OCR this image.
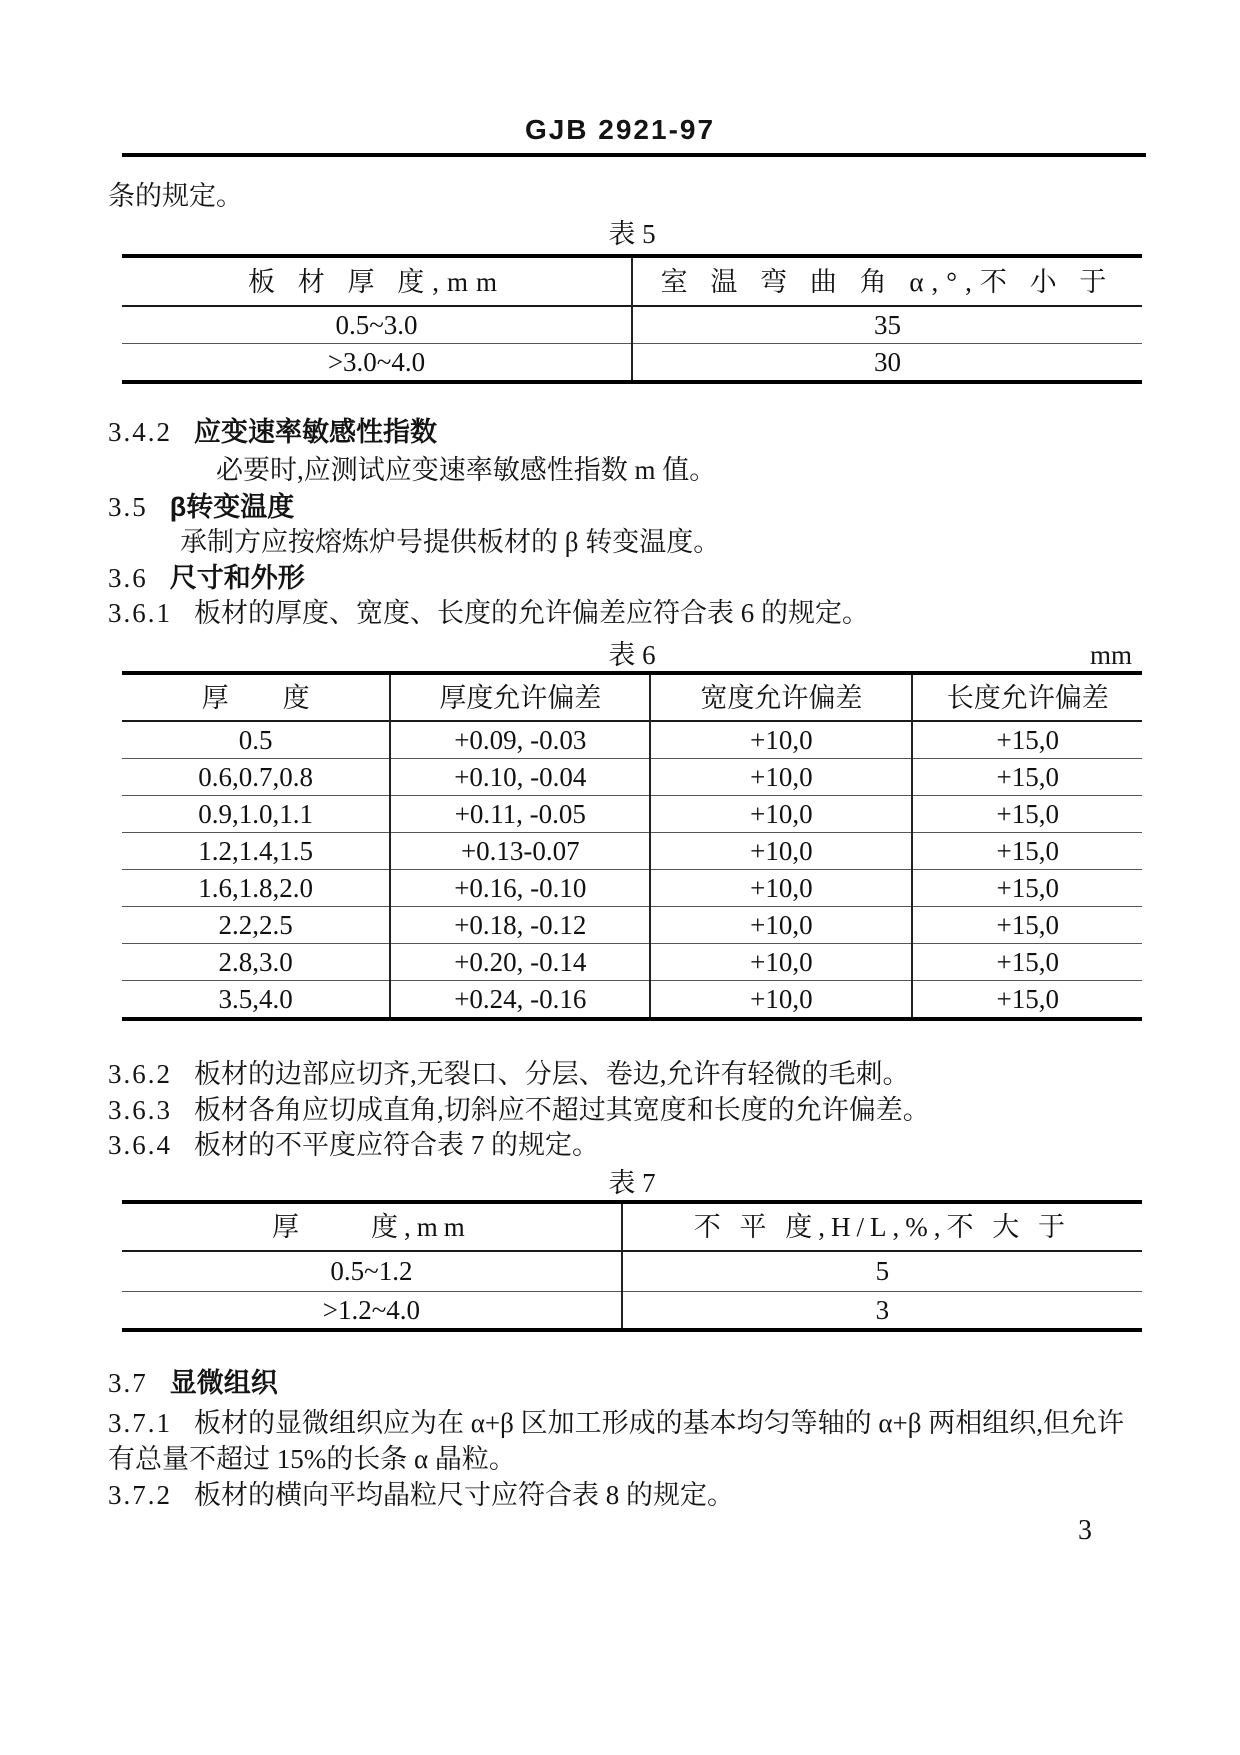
GJB 2921-97
条的规定。
表 5
板 材 厚 度,mm	室 温 弯 曲 角 α,°,不 小 于
0.5~3.0	35
>3.0~4.0	30
3.4.2 应变速率敏感性指数
必要时,应测试应变速率敏感性指数 m 值。
3.5 β转变温度
承制方应按熔炼炉号提供板材的 β 转变温度。
3.6 尺寸和外形
3.6.1 板材的厚度、宽度、长度的允许偏差应符合表 6 的规定。
表 6	mm
厚　　度	厚度允许偏差	宽度允许偏差	长度允许偏差
0.5	+0.09, -0.03	+10,0	+15,0
0.6,0.7,0.8	+0.10, -0.04	+10,0	+15,0
0.9,1.0,1.1	+0.11, -0.05	+10,0	+15,0
1.2,1.4,1.5	+0.13-0.07	+10,0	+15,0
1.6,1.8,2.0	+0.16, -0.10	+10,0	+15,0
2.2,2.5	+0.18, -0.12	+10,0	+15,0
2.8,3.0	+0.20, -0.14	+10,0	+15,0
3.5,4.0	+0.24, -0.16	+10,0	+15,0
3.6.2 板材的边部应切齐,无裂口、分层、卷边,允许有轻微的毛刺。
3.6.3 板材各角应切成直角,切斜应不超过其宽度和长度的允许偏差。
3.6.4 板材的不平度应符合表 7 的规定。
表 7
厚　　度,mm	不 平 度,H/L,%,不 大 于
0.5~1.2	5
>1.2~4.0	3
3.7 显微组织
3.7.1 板材的显微组织应为在 α+β 区加工形成的基本均匀等轴的 α+β 两相组织,但允许有总量不超过 15%的长条 α 晶粒。
3.7.2 板材的横向平均晶粒尺寸应符合表 8 的规定。
3
